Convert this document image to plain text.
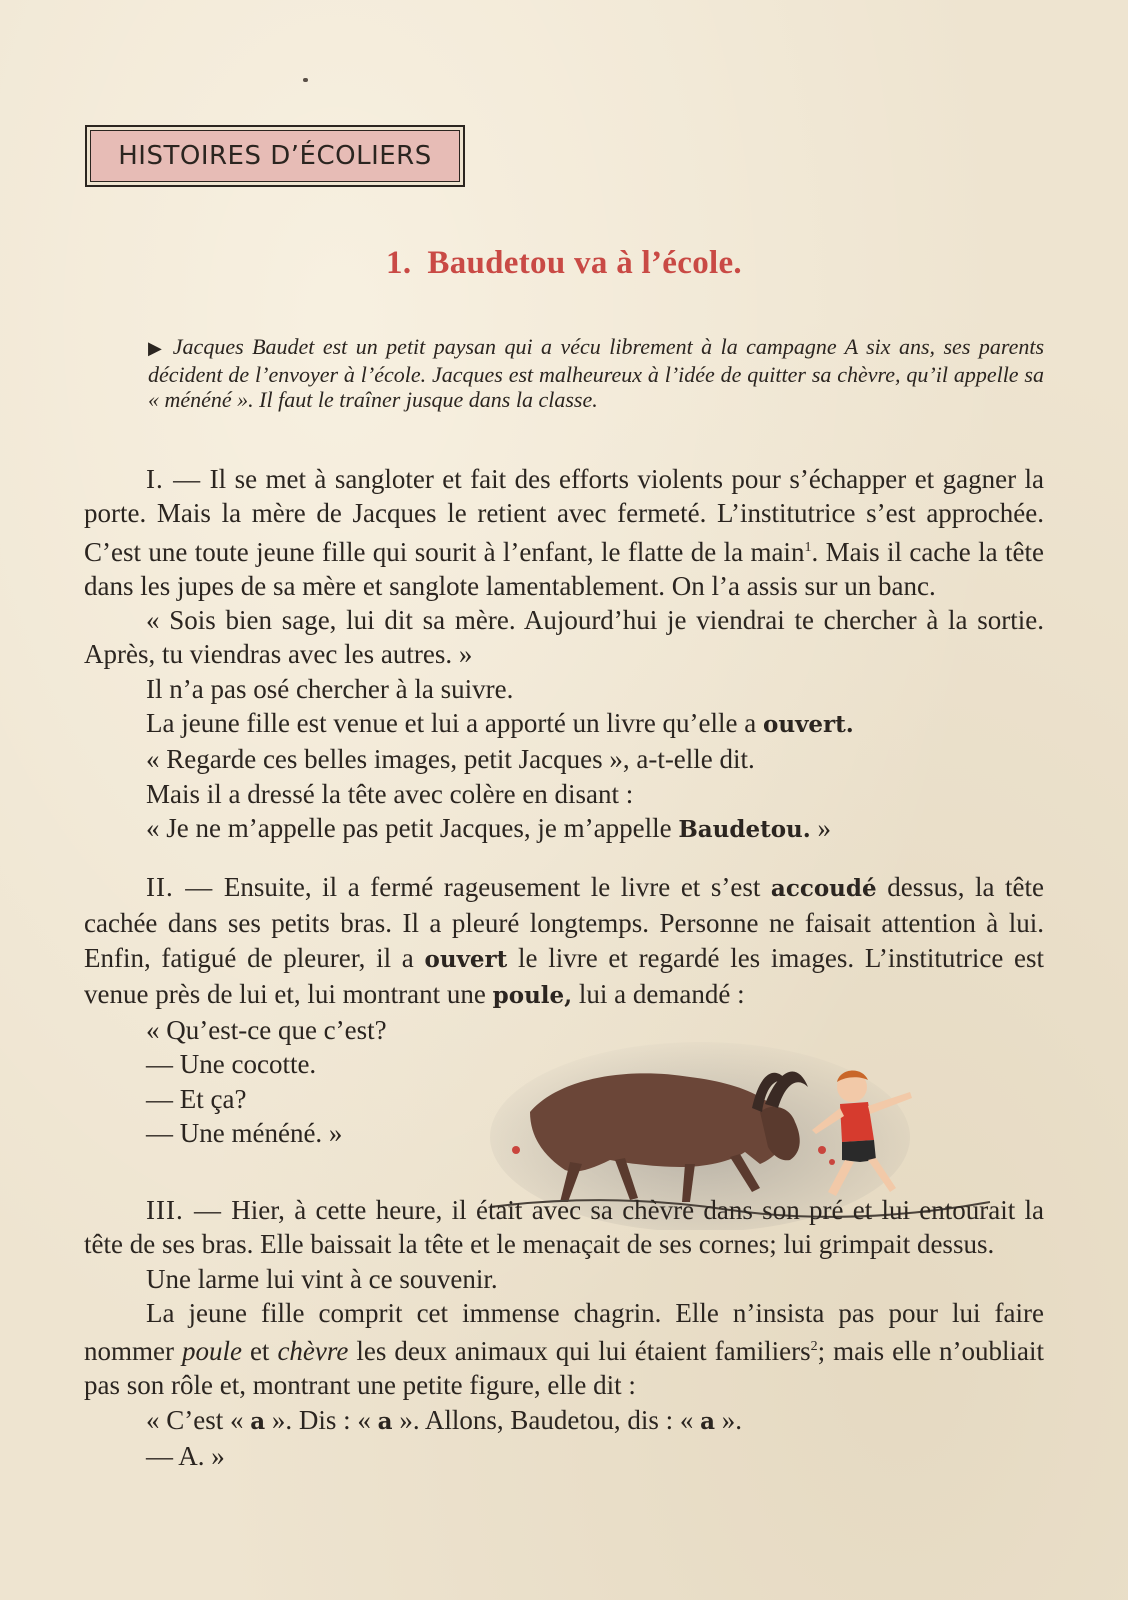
HISTOIRES D’ÉCOLIERS
1. Baudetou va à l’école.
▶ Jacques Baudet est un petit paysan qui a vécu librement à la campagne A six ans, ses parents décident de l’envoyer à l’école. Jacques est malheureux à l’idée de quitter sa chèvre, qu’il appelle sa « ménéné ». Il faut le traîner jusque dans la classe.

I. — Il se met à sangloter et fait des efforts violents pour s’échapper et gagner la porte. Mais la mère de Jacques le retient avec fermeté. L’institutrice s’est approchée. C’est une toute jeune fille qui sourit à l’enfant, le flatte de la main$^1$. Mais il cache la tête dans les jupes de sa mère et sanglote lamentablement. On l’a assis sur un banc.

« Sois bien sage, lui dit sa mère. Aujourd’hui je viendrai te chercher à la sortie. Après, tu viendras avec les autres. »

Il n’a pas osé chercher à la suivre.

La jeune fille est venue et lui a apporté un livre qu’elle a ouvert.

« Regarde ces belles images, petit Jacques », a-t-elle dit.

Mais il a dressé la tête avec colère en disant :

« Je ne m’appelle pas petit Jacques, je m’appelle Baudetou. »

II. — Ensuite, il a fermé rageusement le livre et s’est accoudé dessus, la tête cachée dans ses petits bras. Il a pleuré longtemps. Personne ne faisait attention à lui. Enfin, fatigué de pleurer, il a ouvert le livre et regardé les images. L’institutrice est venue près de lui et, lui montrant une poule, lui a demandé :

« Qu’est-ce que c’est?

— Une cocotte.

— Et ça?

— Une ménéné. »

III. — Hier, à cette heure, il était avec sa chèvre dans son pré et lui entourait la tête de ses bras. Elle baissait la tête et le menaçait de ses cornes; lui grimpait dessus.

Une larme lui vint à ce souvenir.

La jeune fille comprit cet immense chagrin. Elle n’insista pas pour lui faire nommer poule et chèvre les deux animaux qui lui étaient familiers$^2$; mais elle n’oubliait pas son rôle et, montrant une petite figure, elle dit :

« C’est « a ». Dis : « a ». Allons, Baudetou, dis : « a ».

— A. »
